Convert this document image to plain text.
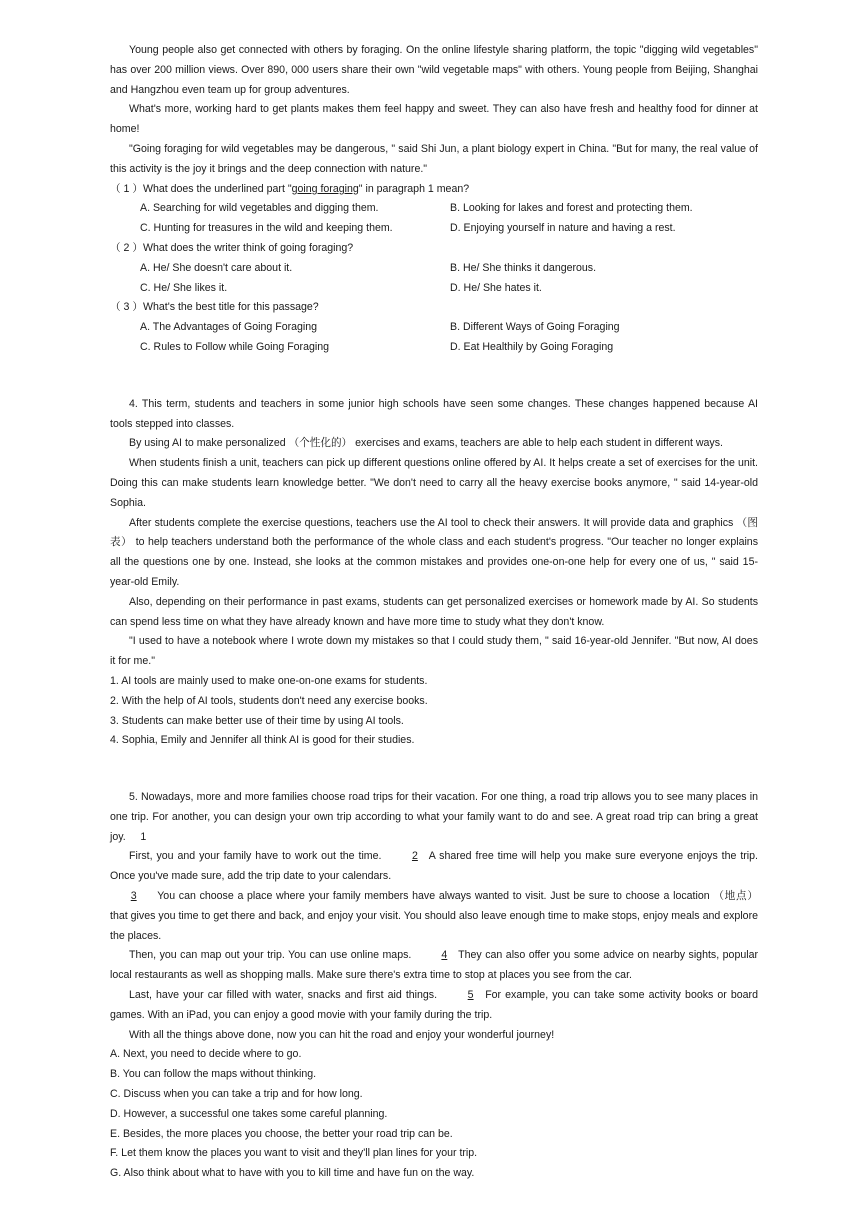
Young people also get connected with others by foraging. On the online lifestyle sharing platform, the topic "digging wild vegetables" has over 200 million views. Over 890, 000 users share their own "wild vegetable maps" with others. Young people from Beijing, Shanghai and Hangzhou even team up for group adventures.

What's more, working hard to get plants makes them feel happy and sweet. They can also have fresh and healthy food for dinner at home!

"Going foraging for wild vegetables may be dangerous, " said Shi Jun, a plant biology expert in China. "But for many, the real value of this activity is the joy it brings and the deep connection with nature."

（ 1 ）What does the underlined part "going foraging" in paragraph 1 mean?

A. Searching for wild vegetables and digging them.	B. Looking for lakes and forest and protecting them.
C. Hunting for treasures in the wild and keeping them.	D. Enjoying yourself in nature and having a rest.

（ 2 ）What does the writer think of going foraging?

A. He/ She doesn't care about it.	B. He/ She thinks it dangerous.
C. He/ She likes it.	D. He/ She hates it.

（ 3 ）What's the best title for this passage?

A. The Advantages of Going Foraging	B. Different Ways of Going Foraging
C. Rules to Follow while Going Foraging	D. Eat Healthily by Going Foraging

4. This term, students and teachers in some junior high schools have seen some changes. These changes happened because AI tools stepped into classes.

By using AI to make personalized （个性化的） exercises and exams, teachers are able to help each student in different ways.

When students finish a unit, teachers can pick up different questions online offered by AI. It helps create a set of exercises for the unit. Doing this can make students learn knowledge better. "We don't need to carry all the heavy exercise books anymore, " said 14-year-old Sophia.

After students complete the exercise questions, teachers use the AI tool to check their answers. It will provide data and graphics （图表） to help teachers understand both the performance of the whole class and each student's progress. "Our teacher no longer explains all the questions one by one. Instead, she looks at the common mistakes and provides one-on-one help for every one of us, " said 15-year-old Emily.

Also, depending on their performance in past exams, students can get personalized exercises or homework made by AI. So students can spend less time on what they have already known and have more time to study what they don't know.

"I used to have a notebook where I wrote down my mistakes so that I could study them, " said 16-year-old Jennifer. "But now, AI does it for me."

1. AI tools are mainly used to make one-on-one exams for students.

2. With the help of AI tools, students don't need any exercise books.

3. Students can make better use of their time by using AI tools.

4. Sophia, Emily and Jennifer all think AI is good for their studies.

5. Nowadays, more and more families choose road trips for their vacation. For one thing, a road trip allows you to see many places in one trip. For another, you can design your own trip according to what your family want to do and see. A great road trip can bring a great joy. 1

First, you and your family have to work out the time.	2 A shared free time will help you make sure everyone enjoys the trip. Once you've made sure, add the trip date to your calendars.

3 You can choose a place where your family members have always wanted to visit. Just be sure to choose a location （地点） that gives you time to get there and back, and enjoy your visit. You should also leave enough time to make stops, enjoy meals and explore the places.

Then, you can map out your trip. You can use online maps.	4 They can also offer you some advice on nearby sights, popular local restaurants as well as shopping malls. Make sure there's extra time to stop at places you see from the car.

Last, have your car filled with water, snacks and first aid things.	5 For example, you can take some activity books or board games. With an iPad, you can enjoy a good movie with your family during the trip.

With all the things above done, now you can hit the road and enjoy your wonderful journey!

A. Next, you need to decide where to go.

B. You can follow the maps without thinking.

C. Discuss when you can take a trip and for how long.

D. However, a successful one takes some careful planning.

E. Besides, the more places you choose, the better your road trip can be.

F. Let them know the places you want to visit and they'll plan lines for your trip.

G. Also think about what to have with you to kill time and have fun on the way.
